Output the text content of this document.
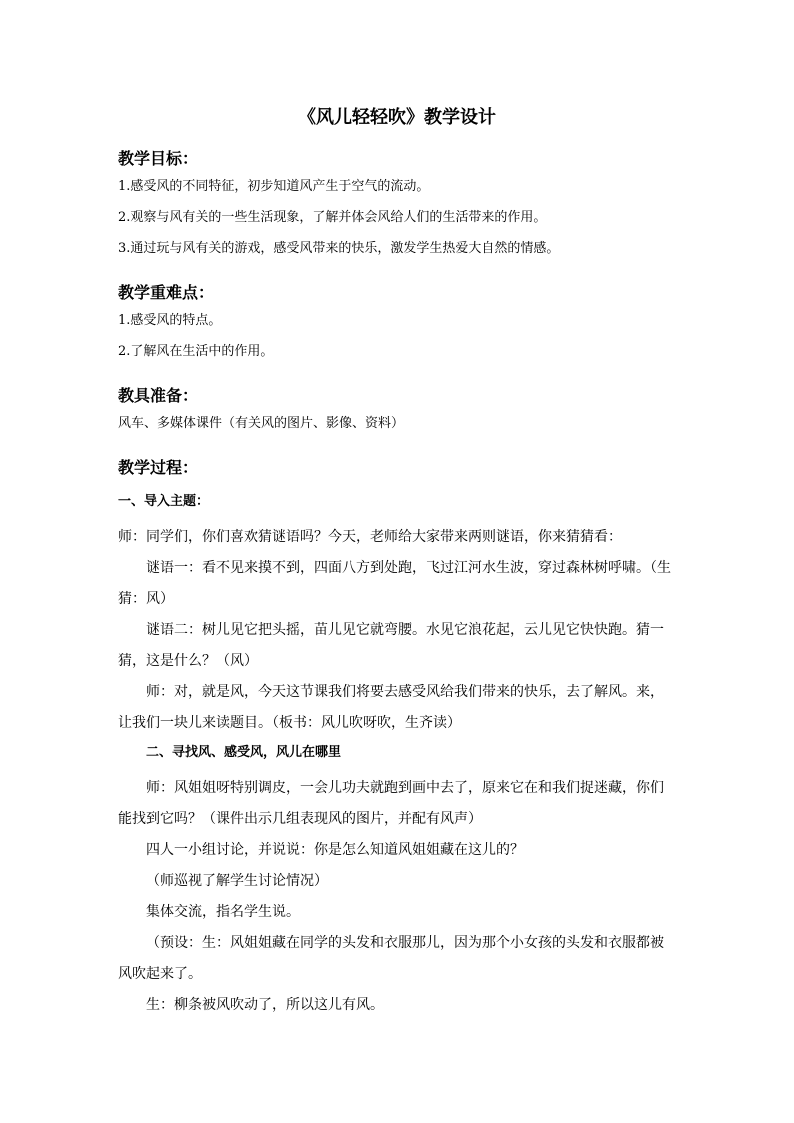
《风儿轻轻吹》教学设计
教学目标：
1.感受风的不同特征，初步知道风产生于空气的流动。
2.观察与风有关的一些生活现象，了解并体会风给人们的生活带来的作用。
3.通过玩与风有关的游戏，感受风带来的快乐，激发学生热爱大自然的情感。
教学重难点：
1.感受风的特点。
2.了解风在生活中的作用。
教具准备：
风车、多媒体课件（有关风的图片、影像、资料）
教学过程：
一、导入主题：

师：同学们，你们喜欢猜谜语吗？今天，老师给大家带来两则谜语，你来猜猜看：

谜语一：看不见来摸不到，四面八方到处跑，飞过江河水生波，穿过森林树呼啸。（生猜：风）

谜语二：树儿见它把头摇，苗儿见它就弯腰。水见它浪花起，云儿见它快快跑。猜一猜，这是什么？（风）

师：对，就是风，今天这节课我们将要去感受风给我们带来的快乐，去了解风。来，让我们一块儿来读题目。（板书：风儿吹呀吹，生齐读）

二、寻找风、感受风，风儿在哪里

师：风姐姐呀特别调皮，一会儿功夫就跑到画中去了，原来它在和我们捉迷藏，你们能找到它吗？（课件出示几组表现风的图片，并配有风声）

四人一小组讨论，并说说：你是怎么知道风姐姐藏在这儿的？

（师巡视了解学生讨论情况）

集体交流，指名学生说。

（预设：生：风姐姐藏在同学的头发和衣服那儿，因为那个小女孩的头发和衣服都被风吹起来了。

生：柳条被风吹动了，所以这儿有风。
